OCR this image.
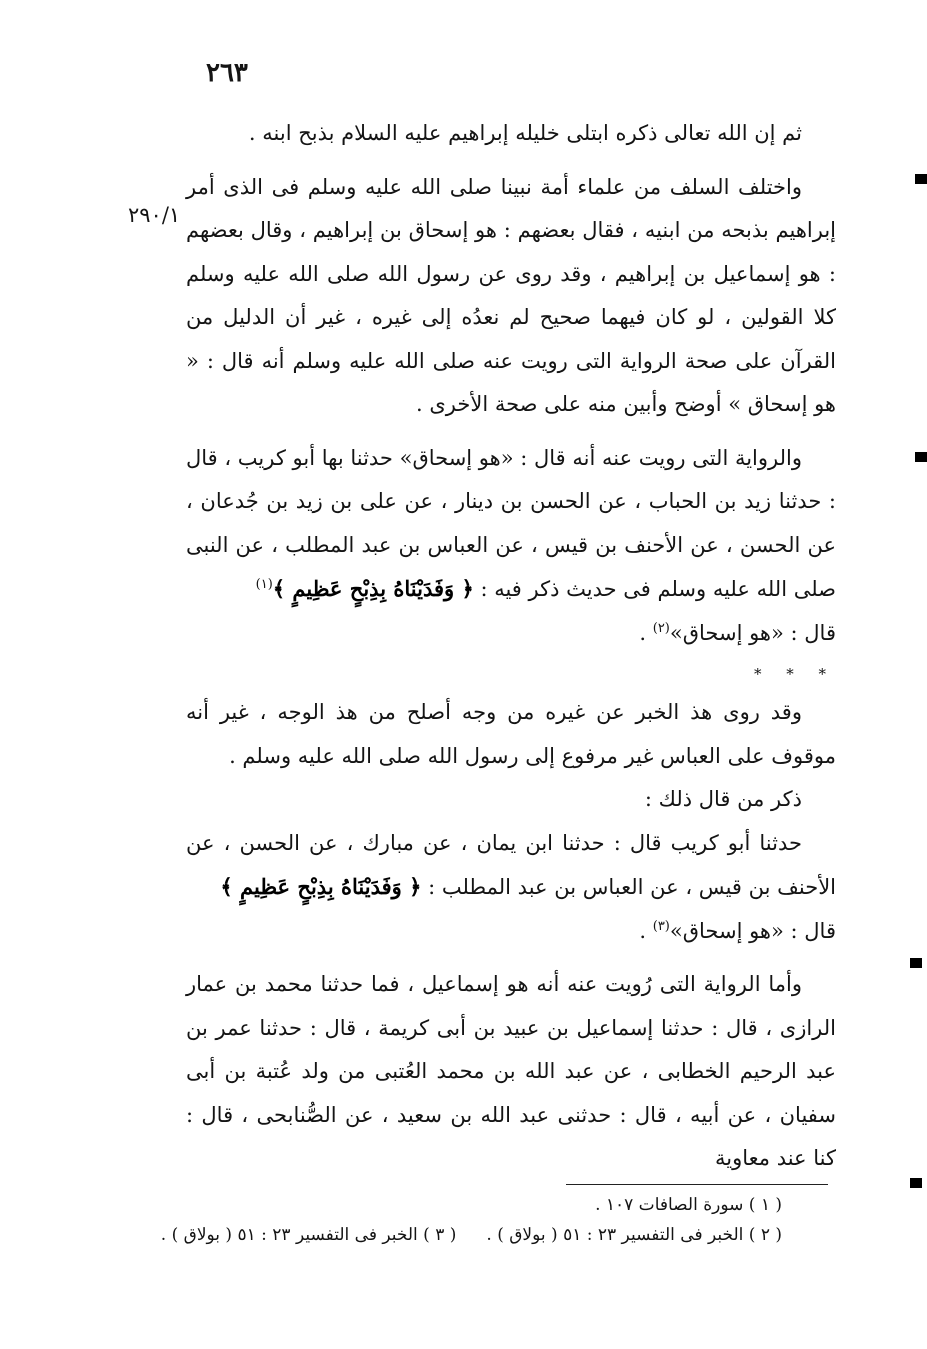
٢٦٣
٢٩٠/١

ثم إن الله تعالى ذكره ابتلى خليله إبراهيم عليه السلام بذبح ابنه .

واختلف السلف من علماء أمة نبينا صلى الله عليه وسلم فى الذى أمر إبراهيم بذبحه من ابنيه ، فقال بعضهم : هو إسحاق بن إبراهيم ، وقال بعضهم : هو إسماعيل بن إبراهيم ، وقد روى عن رسول الله صلى الله عليه وسلم كلا القولين ، لو كان فيهما صحيح لم نعدُه إلى غيره ، غير أن الدليل من القرآن على صحة الرواية التى رويت عنه صلى الله عليه وسلم أنه قال : « هو إسحاق » أوضح وأبين منه على صحة الأخرى .

والرواية التى رويت عنه أنه قال : «هو إسحاق» حدثنا بها أبو كريب ، قال : حدثنا زيد بن الحباب ، عن الحسن بن دينار ، عن على بن زيد بن جُدعان ، عن الحسن ، عن الأحنف بن قيس ، عن العباس بن عبد المطلب ، عن النبى صلى الله عليه وسلم فى حديث ذكر فيه : ﴿ وَفَدَيْنَاهُ بِذِبْحٍ عَظِيمٍ ﴾$^{(١)}$
قال : «هو إسحاق»$^{(٢)}$ .

* * *

وقد روى هذ الخبر عن غيره من وجه أصلح من هذ الوجه ، غير أنه موقوف على العباس غير مرفوع إلى رسول الله صلى الله عليه وسلم .

ذكر من قال ذلك :

حدثنا أبو كريب قال : حدثنا ابن يمان ، عن مبارك ، عن الحسن ، عن الأحنف بن قيس ، عن العباس بن عبد المطلب : ﴿ وَفَدَيْنَاهُ بِذِبْحٍ عَظِيمٍ ﴾
قال : «هو إسحاق»$^{(٣)}$ .

وأما الرواية التى رُويت عنه أنه هو إسماعيل ، فما حدثنا محمد بن عمار الرازى ، قال : حدثنا إسماعيل بن عبيد بن أبى كريمة ، قال : حدثنا عمر بن عبد الرحيم الخطابى ، عن عبد الله بن محمد العُتبى من ولد عُتبة بن أبى سفيان ، عن أبيه ، قال : حدثنى عبد الله بن سعيد ، عن الصُّنابحى ، قال : كنا عند معاوية

( ١ ) سورة الصافات ١٠٧ .
( ٢ ) الخبر فى التفسير ٢٣ : ٥١ ( بولاق ) .( ٣ ) الخبر فى التفسير ٢٣ : ٥١ ( بولاق ) .
